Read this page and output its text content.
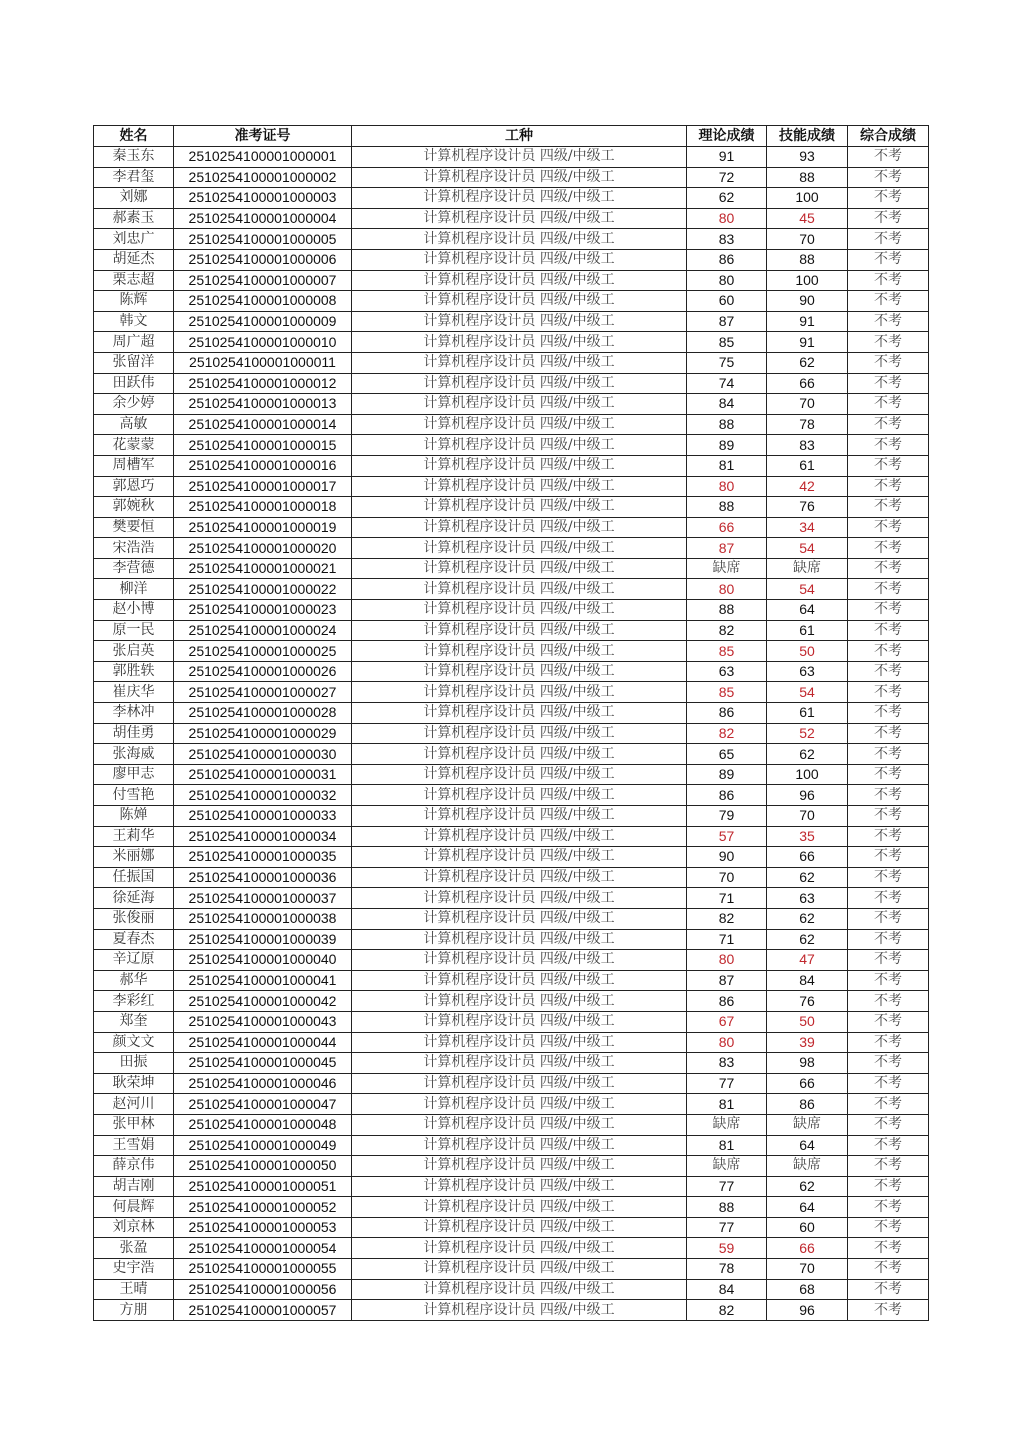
姓名	准考证号	工种	理论成绩	技能成绩	综合成绩
秦玉东	2510254100001000001	计算机程序设计员 四级/中级工	91	93	不考
李君玺	2510254100001000002	计算机程序设计员 四级/中级工	72	88	不考
刘娜	2510254100001000003	计算机程序设计员 四级/中级工	62	100	不考
郝素玉	2510254100001000004	计算机程序设计员 四级/中级工	80	45	不考
刘忠广	2510254100001000005	计算机程序设计员 四级/中级工	83	70	不考
胡延杰	2510254100001000006	计算机程序设计员 四级/中级工	86	88	不考
栗志超	2510254100001000007	计算机程序设计员 四级/中级工	80	100	不考
陈辉	2510254100001000008	计算机程序设计员 四级/中级工	60	90	不考
韩文	2510254100001000009	计算机程序设计员 四级/中级工	87	91	不考
周广超	2510254100001000010	计算机程序设计员 四级/中级工	85	91	不考
张留洋	2510254100001000011	计算机程序设计员 四级/中级工	75	62	不考
田跃伟	2510254100001000012	计算机程序设计员 四级/中级工	74	66	不考
余少婷	2510254100001000013	计算机程序设计员 四级/中级工	84	70	不考
高敏	2510254100001000014	计算机程序设计员 四级/中级工	88	78	不考
花蒙蒙	2510254100001000015	计算机程序设计员 四级/中级工	89	83	不考
周槽军	2510254100001000016	计算机程序设计员 四级/中级工	81	61	不考
郭恩巧	2510254100001000017	计算机程序设计员 四级/中级工	80	42	不考
郭婉秋	2510254100001000018	计算机程序设计员 四级/中级工	88	76	不考
樊要恒	2510254100001000019	计算机程序设计员 四级/中级工	66	34	不考
宋浩浩	2510254100001000020	计算机程序设计员 四级/中级工	87	54	不考
李营德	2510254100001000021	计算机程序设计员 四级/中级工	缺席	缺席	不考
柳洋	2510254100001000022	计算机程序设计员 四级/中级工	80	54	不考
赵小博	2510254100001000023	计算机程序设计员 四级/中级工	88	64	不考
原一民	2510254100001000024	计算机程序设计员 四级/中级工	82	61	不考
张启英	2510254100001000025	计算机程序设计员 四级/中级工	85	50	不考
郭胜轶	2510254100001000026	计算机程序设计员 四级/中级工	63	63	不考
崔庆华	2510254100001000027	计算机程序设计员 四级/中级工	85	54	不考
李林冲	2510254100001000028	计算机程序设计员 四级/中级工	86	61	不考
胡佳勇	2510254100001000029	计算机程序设计员 四级/中级工	82	52	不考
张海威	2510254100001000030	计算机程序设计员 四级/中级工	65	62	不考
廖甲志	2510254100001000031	计算机程序设计员 四级/中级工	89	100	不考
付雪艳	2510254100001000032	计算机程序设计员 四级/中级工	86	96	不考
陈婵	2510254100001000033	计算机程序设计员 四级/中级工	79	70	不考
王莉华	2510254100001000034	计算机程序设计员 四级/中级工	57	35	不考
米丽娜	2510254100001000035	计算机程序设计员 四级/中级工	90	66	不考
任振国	2510254100001000036	计算机程序设计员 四级/中级工	70	62	不考
徐延海	2510254100001000037	计算机程序设计员 四级/中级工	71	63	不考
张俊丽	2510254100001000038	计算机程序设计员 四级/中级工	82	62	不考
夏春杰	2510254100001000039	计算机程序设计员 四级/中级工	71	62	不考
辛辽原	2510254100001000040	计算机程序设计员 四级/中级工	80	47	不考
郝华	2510254100001000041	计算机程序设计员 四级/中级工	87	84	不考
李彩红	2510254100001000042	计算机程序设计员 四级/中级工	86	76	不考
郑奎	2510254100001000043	计算机程序设计员 四级/中级工	67	50	不考
颜文文	2510254100001000044	计算机程序设计员 四级/中级工	80	39	不考
田振	2510254100001000045	计算机程序设计员 四级/中级工	83	98	不考
耿荣坤	2510254100001000046	计算机程序设计员 四级/中级工	77	66	不考
赵河川	2510254100001000047	计算机程序设计员 四级/中级工	81	86	不考
张甲林	2510254100001000048	计算机程序设计员 四级/中级工	缺席	缺席	不考
王雪娟	2510254100001000049	计算机程序设计员 四级/中级工	81	64	不考
薛京伟	2510254100001000050	计算机程序设计员 四级/中级工	缺席	缺席	不考
胡吉刚	2510254100001000051	计算机程序设计员 四级/中级工	77	62	不考
何晨辉	2510254100001000052	计算机程序设计员 四级/中级工	88	64	不考
刘京林	2510254100001000053	计算机程序设计员 四级/中级工	77	60	不考
张盈	2510254100001000054	计算机程序设计员 四级/中级工	59	66	不考
史宇浩	2510254100001000055	计算机程序设计员 四级/中级工	78	70	不考
王晴	2510254100001000056	计算机程序设计员 四级/中级工	84	68	不考
方朋	2510254100001000057	计算机程序设计员 四级/中级工	82	96	不考
